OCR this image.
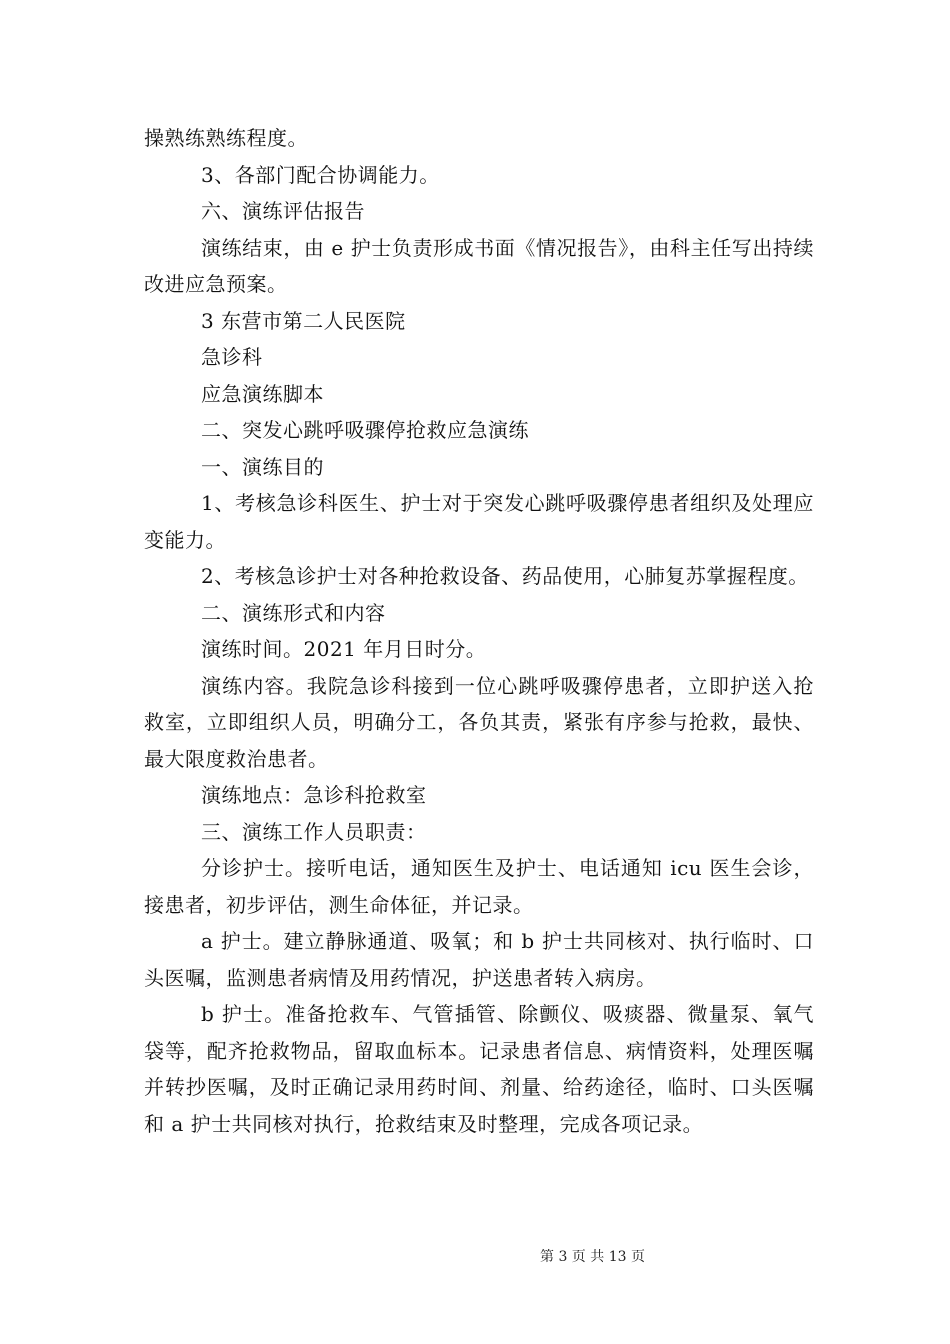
操熟练熟练程度。

3、各部门配合协调能力。

六、演练评估报告

演练结束，由 e 护士负责形成书面《情况报告》，由科主任写出持续改进应急预案。

3 东营市第二人民医院

急诊科

应急演练脚本

二、突发心跳呼吸骤停抢救应急演练

一、演练目的

1、考核急诊科医生、护士对于突发心跳呼吸骤停患者组织及处理应变能力。

2、考核急诊护士对各种抢救设备、药品使用，心肺复苏掌握程度。

二、演练形式和内容

演练时间。2021 年月日时分。

演练内容。我院急诊科接到一位心跳呼吸骤停患者，立即护送入抢救室，立即组织人员，明确分工，各负其责，紧张有序参与抢救，最快、最大限度救治患者。

演练地点：急诊科抢救室

三、演练工作人员职责：

分诊护士。接听电话，通知医生及护士、电话通知 icu 医生会诊，接患者，初步评估，测生命体征，并记录。

a 护士。建立静脉通道、吸氧；和 b 护士共同核对、执行临时、口头医嘱，监测患者病情及用药情况，护送患者转入病房。

b 护士。准备抢救车、气管插管、除颤仪、吸痰器、微量泵、氧气袋等，配齐抢救物品，留取血标本。记录患者信息、病情资料，处理医嘱并转抄医嘱，及时正确记录用药时间、剂量、给药途径，临时、口头医嘱和 a 护士共同核对执行，抢救结束及时整理，完成各项记录。

第 3 页 共 13 页
